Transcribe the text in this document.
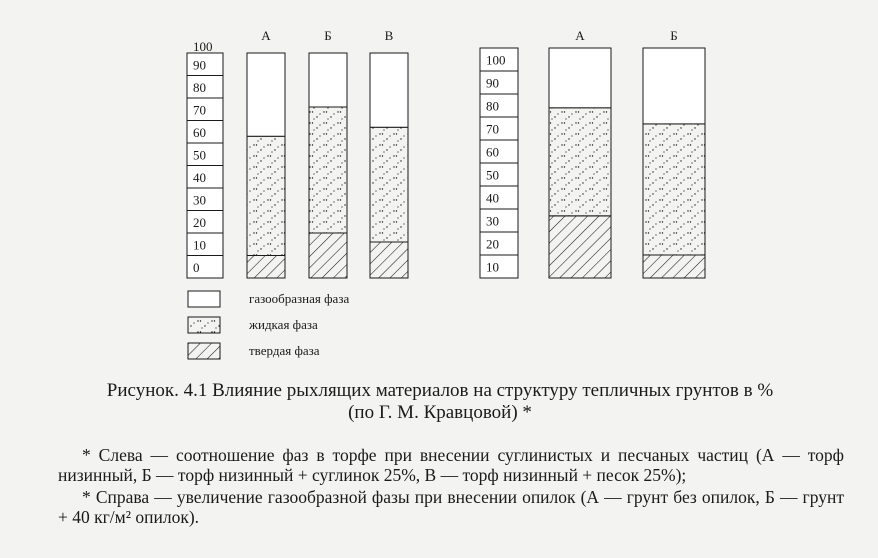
0
10
20
30
40
50
60
70
80
90
100
А	Б	В
10
20
30
40
50
60
70
80
90
100
А	Б
газообразная фаза
жидкая фаза
твердая фаза
Рисунок. 4.1 Влияние рыхлящих материалов на структуру тепличных грунтов в %
(по Г. М. Кравцовой) *

* Слева — соотношение фаз в торфе при внесении суглинистых и песчаных частиц (А — торф низинный, Б — торф низинный + суглинок 25%, В — торф низинный + песок 25%);

* Справа — увеличение газообразной фазы при внесении опилок (А — грунт без опилок, Б — грунт + 40 кг/м² опилок).
